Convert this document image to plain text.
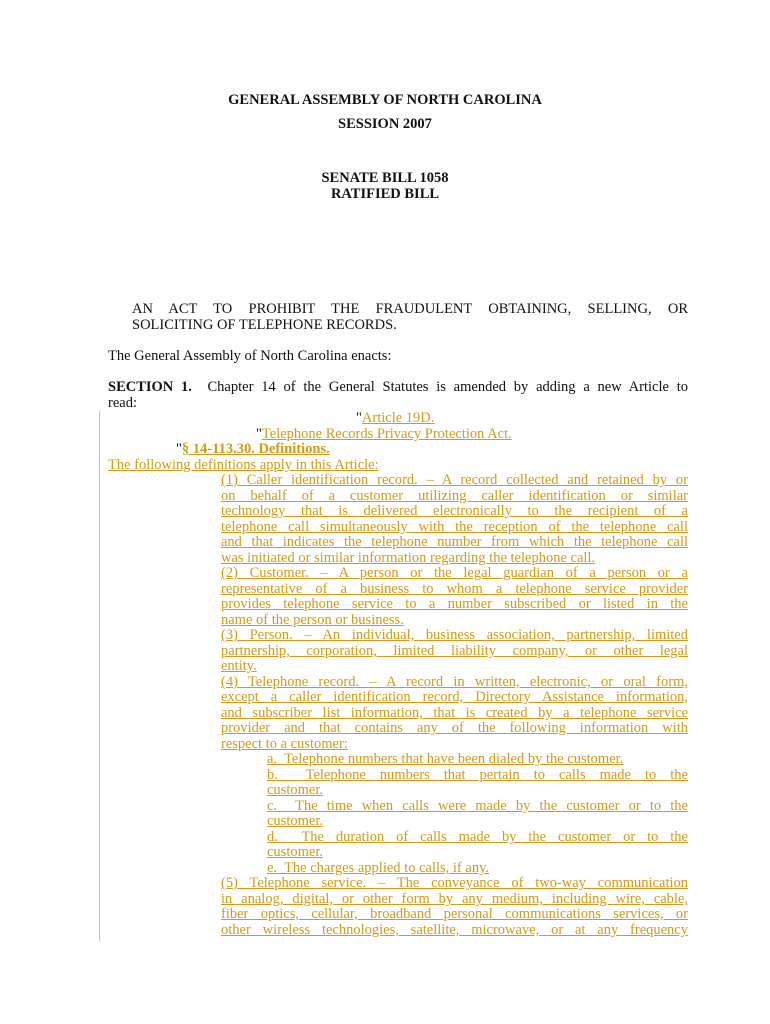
GENERAL ASSEMBLY OF NORTH CAROLINA
SESSION 2007
SENATE BILL 1058
RATIFIED BILL
AN ACT TO PROHIBIT THE FRAUDULENT OBTAINING, SELLING, OR
SOLICITING OF TELEPHONE RECORDS.
The General Assembly of North Carolina enacts:
SECTION 1. Chapter 14 of the General Statutes is amended by adding a new Article to
read:
"Article 19D.
"Telephone Records Privacy Protection Act.
"§ 14-113.30. Definitions.
The following definitions apply in this Article:
(1) Caller identification record. – A record collected and retained by or
on behalf of a customer utilizing caller identification or similar
technology that is delivered electronically to the recipient of a
telephone call simultaneously with the reception of the telephone call
and that indicates the telephone number from which the telephone call
was initiated or similar information regarding the telephone call.
(2) Customer. – A person or the legal guardian of a person or a
representative of a business to whom a telephone service provider
provides telephone service to a number subscribed or listed in the
name of the person or business.
(3) Person. – An individual, business association, partnership, limited
partnership, corporation, limited liability company, or other legal
entity.
(4) Telephone record. – A record in written, electronic, or oral form,
except a caller identification record, Directory Assistance information,
and subscriber list information, that is created by a telephone service
provider and that contains any of the following information with
respect to a customer:
a. Telephone numbers that have been dialed by the customer.
b. Telephone numbers that pertain to calls made to the
customer.
c. The time when calls were made by the customer or to the
customer.
d. The duration of calls made by the customer or to the
customer.
e. The charges applied to calls, if any.
(5) Telephone service. – The conveyance of two-way communication
in analog, digital, or other form by any medium, including wire, cable,
fiber optics, cellular, broadband personal communications services, or
other wireless technologies, satellite, microwave, or at any frequency
